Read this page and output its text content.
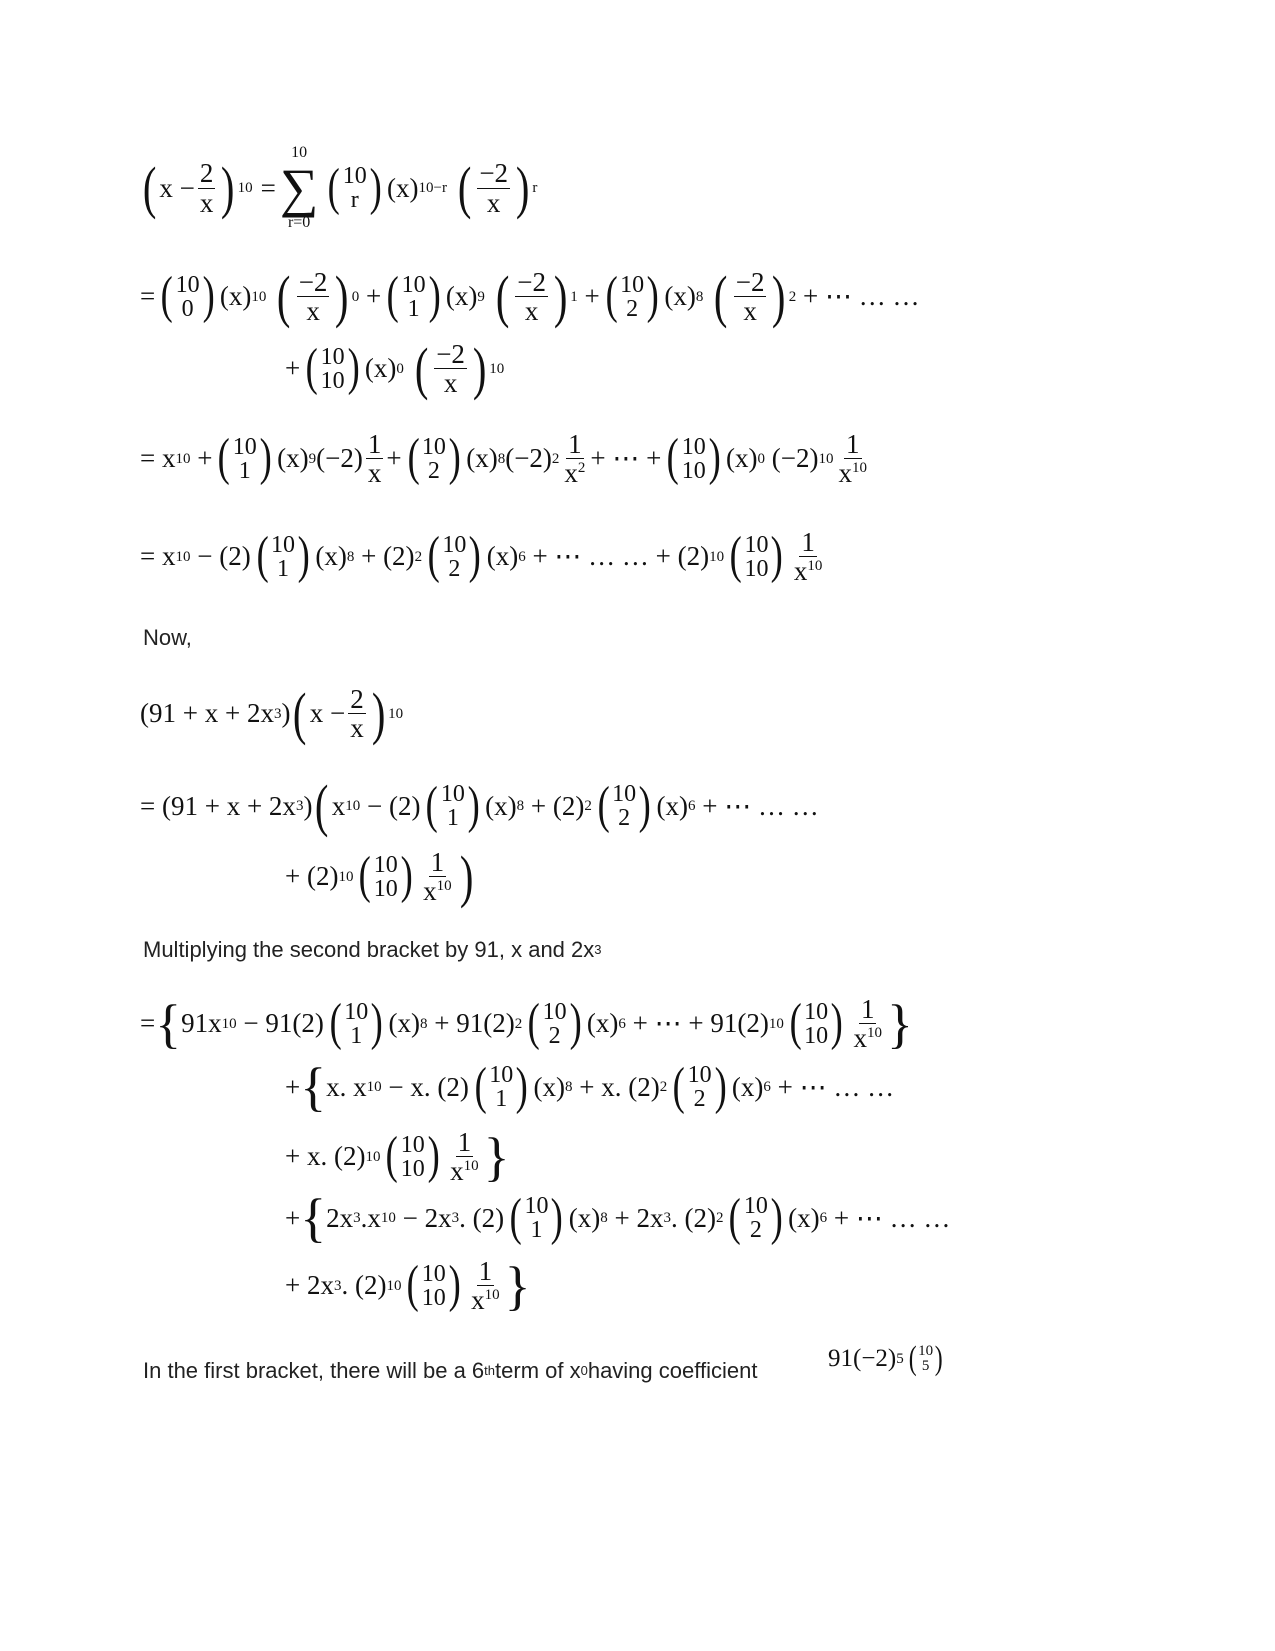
( $x - \frac{2}{x}$ ) 10 =
10
∑
r=0
( 10
r ) (x) 10−r ( $\frac{-2}{x}$ ) r
= ( 10
0 ) (x) 10 ( $\frac{-2}{x}$ ) 0 + ( 10
1 ) (x) 9 ( $\frac{-2}{x}$ ) 1 + ( 10
2 ) (x) 8 ( $\frac{-2}{x}$ ) 2
+ ⋯ … …
+ ( 10
10 ) (x) 0 ( $\frac{-2}{x}$ ) 10
= x 10 + ( 10
1 ) (x) 9 $(-2) \frac{1}{x}$ + ( 10
2 ) (x) 8 (−2) $2 \frac{1}{x^2}$ + ⋯ + ( 10
10 ) (x) 0
(−2) $10 \frac{1}{x^{10}}$
= x 10
− (2) ( 10
1 ) (x) 8
+ (2) 2 ( 10
2 ) (x) 6
+ ⋯ … … +
(2) 10 ( 10
10 ) $\frac{1}{x^{10}}$
Now,
(91 + x + 2x 3 ) ( $x - \frac{2}{x}$ ) 10
= (91 + x + 2x 3 ) ( x 10
− (2) ( 10
1 ) (x) 8
+ (2) 2 ( 10
2 ) (x) 6
+ ⋯ … …
+ (2) 10 ( 10
10 ) $\frac{1}{x^{10}}$ )
Multiplying the second bracket by 91, x and 2x 3
= { 91x 10
− 91(2) ( 10
1 ) (x) 8
+ 91(2) 2 ( 10
2 ) (x) 6
+ ⋯ + 91(2) 10 ( 10
10 ) $\frac{1}{x^{10}}$ }
+ { x. x 10
− x. (2) ( 10
1 ) (x) 8
+ x. (2) 2 ( 10
2 ) (x) 6
+ ⋯ … …
+ x. (2) 10 ( 10
10 ) $\frac{1}{x^{10}}$ }
+ { 2x 3 .x 10
− 2x 3 . (2) ( 10
1 ) (x) 8
+ 2x 3 . (2) 2 ( 10
2 ) (x) 6
+ ⋯ … …
+ 2x 3 . (2) 10 ( 10
10 ) $\frac{1}{x^{10}}$ }
In the first bracket, there will be a 6 th term of x 0 having coefficient	91(−2) 5 ( 10
5 )
